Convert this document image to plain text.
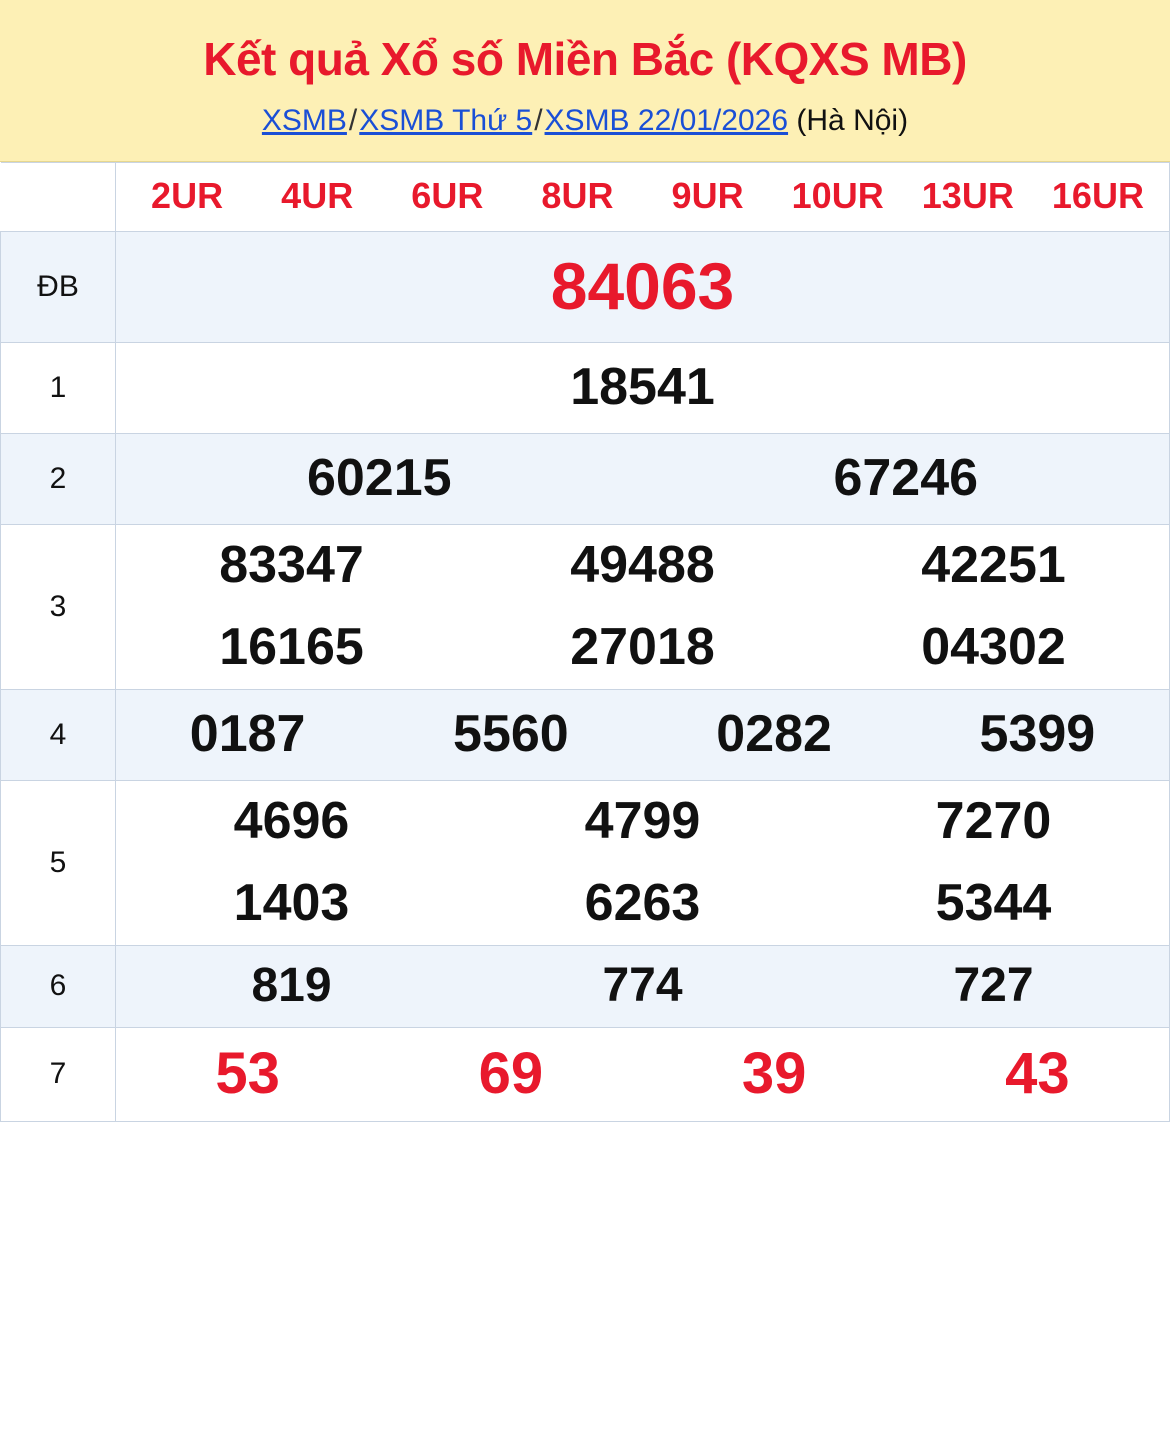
Kết quả Xổ số Miền Bắc (KQXS MB)
XSMB/XSMB Thứ 5/XSMB 22/01/2026 (Hà Nội)

2UR	4UR	6UR	8UR	9UR	10UR	13UR	16UR

ĐB	84063

1	18541

2	60215 67246

3	
83347	49488	42251
16165	27018	04302

4	0187 5560 0282 5399

5	
4696	4799	7270
1403	6263	5344

6	819 774 727

7	53 69 39 43
